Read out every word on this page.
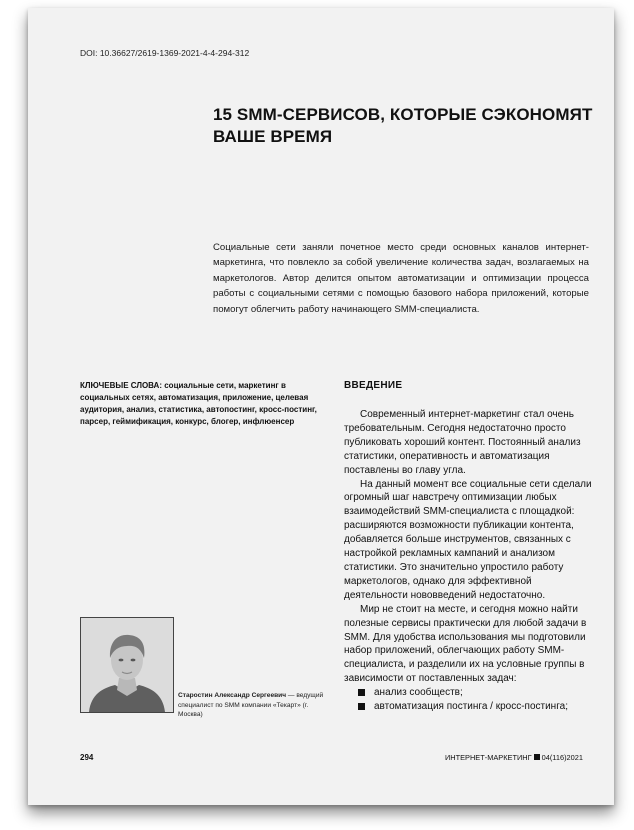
DOI: 10.36627/2619-1369-2021-4-4-294-312
15 SMM-СЕРВИСОВ, КОТОРЫЕ СЭКОНОМЯТ ВАШЕ ВРЕМЯ
Социальные сети заняли почетное место среди основных каналов интернет-маркетинга, что повлекло за собой увеличение количества задач, возлагаемых на маркетологов. Автор делится опытом автоматизации и оптимизации процесса работы с социальными сетями с помощью базового набора приложений, которые помогут облегчить работу начинающего SMM-специалиста.
КЛЮЧЕВЫЕ СЛОВА: социальные сети, маркетинг в социальных сетях, автоматизация, приложение, целевая аудитория, анализ, статистика, автопостинг, кросс-постинг, парсер, геймификация, конкурс, блогер, инфлюенсер
ВВЕДЕНИЕ

Современный интернет-маркетинг стал очень требовательным. Сегодня недостаточно просто публиковать хороший контент. Постоянный анализ статистики, оперативность и автоматизация поставлены во главу угла.

На данный момент все социальные сети сделали огромный шаг навстречу оптимизации любых взаимодействий SMM-специалиста с площадкой: расширяются возможности публикации контента, добавляется больше инструментов, связанных с настройкой рекламных кампаний и анализом статистики. Это значительно упростило работу маркетологов, однако для эффективной деятельности нововведений недостаточно.

Мир не стоит на месте, и сегодня можно найти полезные сервисы практически для любой задачи в SMM. Для удобства использования мы подготовили набор приложений, облегчающих работу SMM-специалиста, и разделили их на условные группы в зависимости от поставленных задач:

анализ сообществ;
автоматизация постинга / кросс-постинга;
Старостин Александр Сергеевич — ведущий специалист по SMM компании «Текарт» (г. Москва)
294	ИНТЕРНЕТ-МАРКЕТИНГ 04(116)2021
